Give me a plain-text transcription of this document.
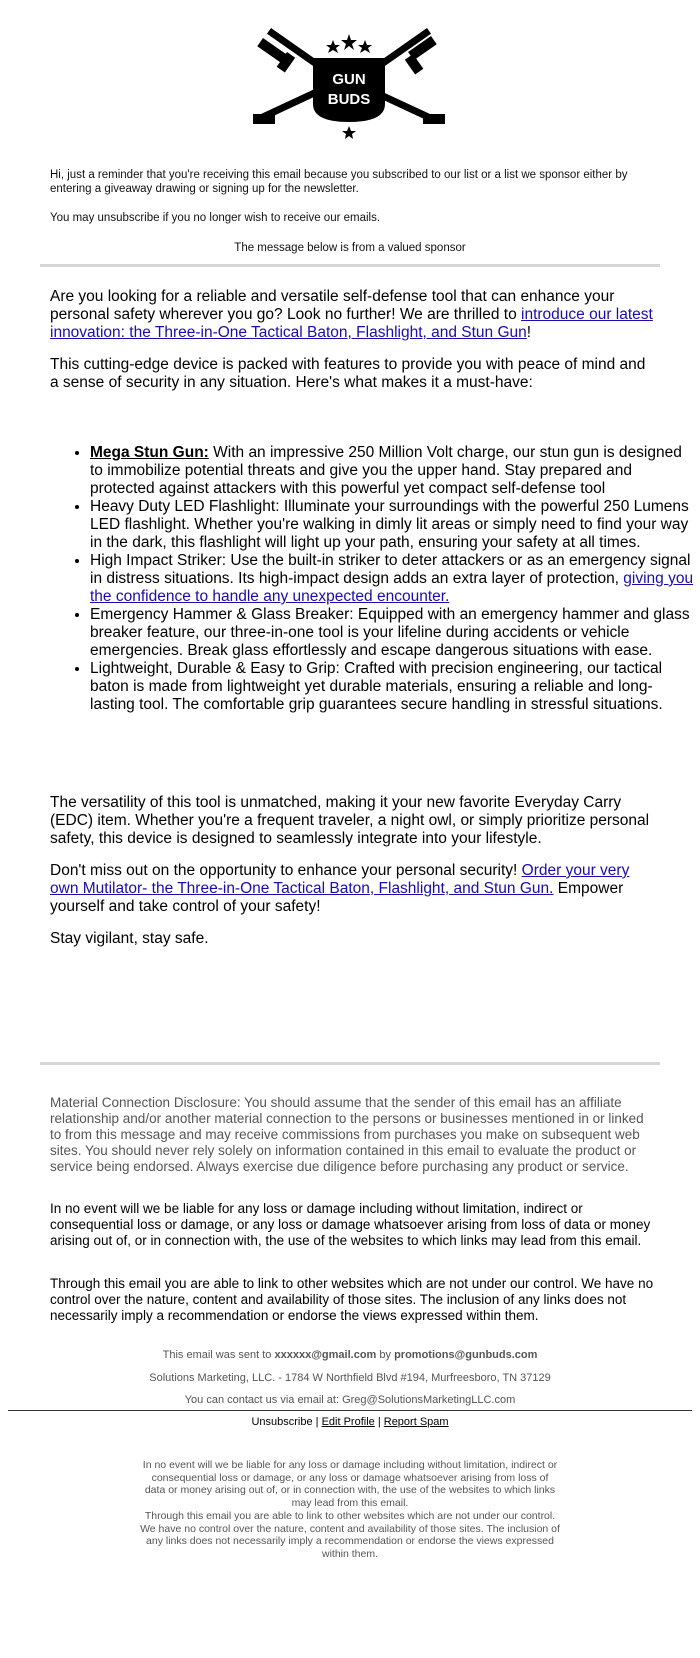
GUN
BUDS
Hi, just a reminder that you're receiving this email because you subscribed to our list or a list we sponsor either by entering a giveaway drawing or signing up for the newsletter.
You may unsubscribe if you no longer wish to receive our emails.
The message below is from a valued sponsor

Are you looking for a reliable and versatile self-defense tool that can enhance your personal safety wherever you go? Look no further! We are thrilled to introduce our latest innovation: the Three-in-One Tactical Baton, Flashlight, and Stun Gun!

This cutting-edge device is packed with features to provide you with peace of mind and a sense of security in any situation. Here's what makes it a must-have:
• Mega Stun Gun: With an impressive 250 Million Volt charge, our stun gun is designed to immobilize potential threats and give you the upper hand. Stay prepared and protected against attackers with this powerful yet compact self-defense tool
• Heavy Duty LED Flashlight: Illuminate your surroundings with the powerful 250 Lumens LED flashlight. Whether you're walking in dimly lit areas or simply need to find your way in the dark, this flashlight will light up your path, ensuring your safety at all times.
• High Impact Striker: Use the built-in striker to deter attackers or as an emergency signal in distress situations. Its high-impact design adds an extra layer of protection, giving you the confidence to handle any unexpected encounter.
• Emergency Hammer & Glass Breaker: Equipped with an emergency hammer and glass breaker feature, our three-in-one tool is your lifeline during accidents or vehicle emergencies. Break glass effortlessly and escape dangerous situations with ease.
• Lightweight, Durable & Easy to Grip: Crafted with precision engineering, our tactical baton is made from lightweight yet durable materials, ensuring a reliable and long-lasting tool. The comfortable grip guarantees secure handling in stressful situations.
The versatility of this tool is unmatched, making it your new favorite Everyday Carry (EDC) item. Whether you're a frequent traveler, a night owl, or simply prioritize personal safety, this device is designed to seamlessly integrate into your lifestyle.

Don't miss out on the opportunity to enhance your personal security! Order your very own Mutilator- the Three-in-One Tactical Baton, Flashlight, and Stun Gun. Empower yourself and take control of your safety!

Stay vigilant, stay safe.
Material Connection Disclosure: You should assume that the sender of this email has an affiliate relationship and/or another material connection to the persons or businesses mentioned in or linked to from this message and may receive commissions from purchases you make on subsequent web sites. You should never rely solely on information contained in this email to evaluate the product or service being endorsed. Always exercise due diligence before purchasing any product or service.
In no event will we be liable for any loss or damage including without limitation, indirect or consequential loss or damage, or any loss or damage whatsoever arising from loss of data or money arising out of, or in connection with, the use of the websites to which links may lead from this email.
Through this email you are able to link to other websites which are not under our control. We have no control over the nature, content and availability of those sites. The inclusion of any links does not necessarily imply a recommendation or endorse the views expressed within them.
This email was sent to xxxxxx@gmail.com by promotions@gunbuds.com
Solutions Marketing, LLC. - 1784 W Northfield Blvd #194, Murfreesboro, TN 37129
You can contact us via email at: Greg@SolutionsMarketingLLC.com
Unsubscribe | Edit Profile | Report Spam
In no event will we be liable for any loss or damage including without limitation, indirect or consequential loss or damage, or any loss or damage whatsoever arising from loss of data or money arising out of, or in connection with, the use of the websites to which links may lead from this email.
Through this email you are able to link to other websites which are not under our control. We have no control over the nature, content and availability of those sites. The inclusion of any links does not necessarily imply a recommendation or endorse the views expressed within them.
